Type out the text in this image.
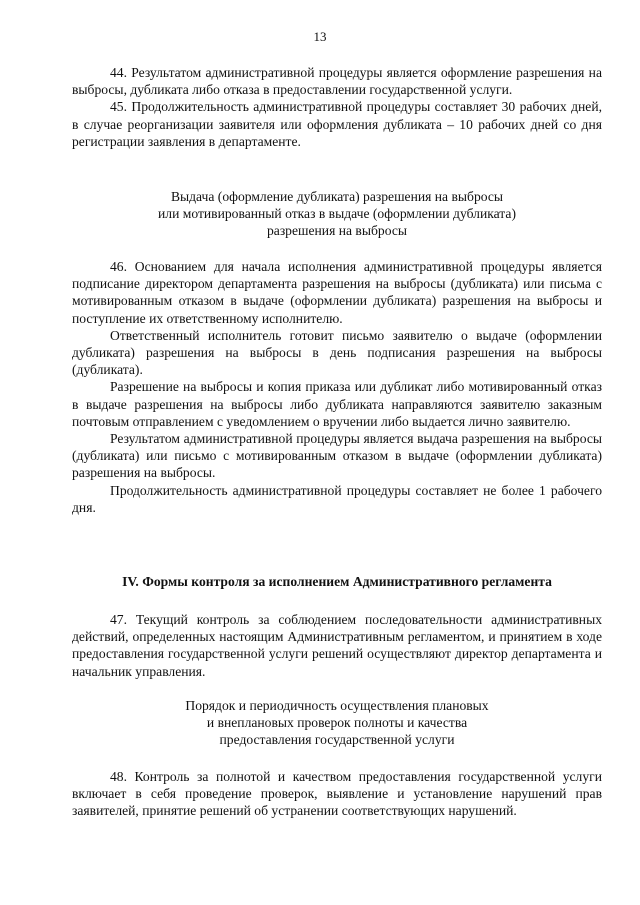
13

44. Результатом административной процедуры является оформление разрешения на выбросы, дубликата либо отказа в предоставлении государственной услуги.

45. Продолжительность административной процедуры составляет 30 рабочих дней, в случае реорганизации заявителя или оформления дубликата – 10 рабочих дней со дня регистрации заявления в департаменте.

Выдача (оформление дубликата) разрешения на выбросы
или мотивированный отказ в выдаче (оформлении дубликата)
разрешения на выбросы

46. Основанием для начала исполнения административной процедуры является подписание директором департамента разрешения на выбросы (дубликата) или письма с мотивированным отказом в выдаче (оформлении дубликата) разрешения на выбросы и поступление их ответственному исполнителю.

Ответственный исполнитель готовит письмо заявителю о выдаче (оформлении дубликата) разрешения на выбросы в день подписания разрешения на выбросы (дубликата).

Разрешение на выбросы и копия приказа или дубликат либо мотивированный отказ в выдаче разрешения на выбросы либо дубликата направляются заявителю заказным почтовым отправлением с уведомлением о вручении либо выдается лично заявителю.

Результатом административной процедуры является выдача разрешения на выбросы (дубликата) или письмо с мотивированным отказом в выдаче (оформлении дубликата) разрешения на выбросы.

Продолжительность административной процедуры составляет не более 1 рабочего дня.

IV. Формы контроля за исполнением Административного регламента

47. Текущий контроль за соблюдением последовательности административных действий, определенных настоящим Административным регламентом, и принятием в ходе предоставления государственной услуги решений осуществляют директор департамента и начальник управления.

Порядок и периодичность осуществления плановых
и внеплановых проверок полноты и качества
предоставления государственной услуги

48. Контроль за полнотой и качеством предоставления государственной услуги включает в себя проведение проверок, выявление и установление нарушений прав заявителей, принятие решений об устранении соответствующих нарушений.
